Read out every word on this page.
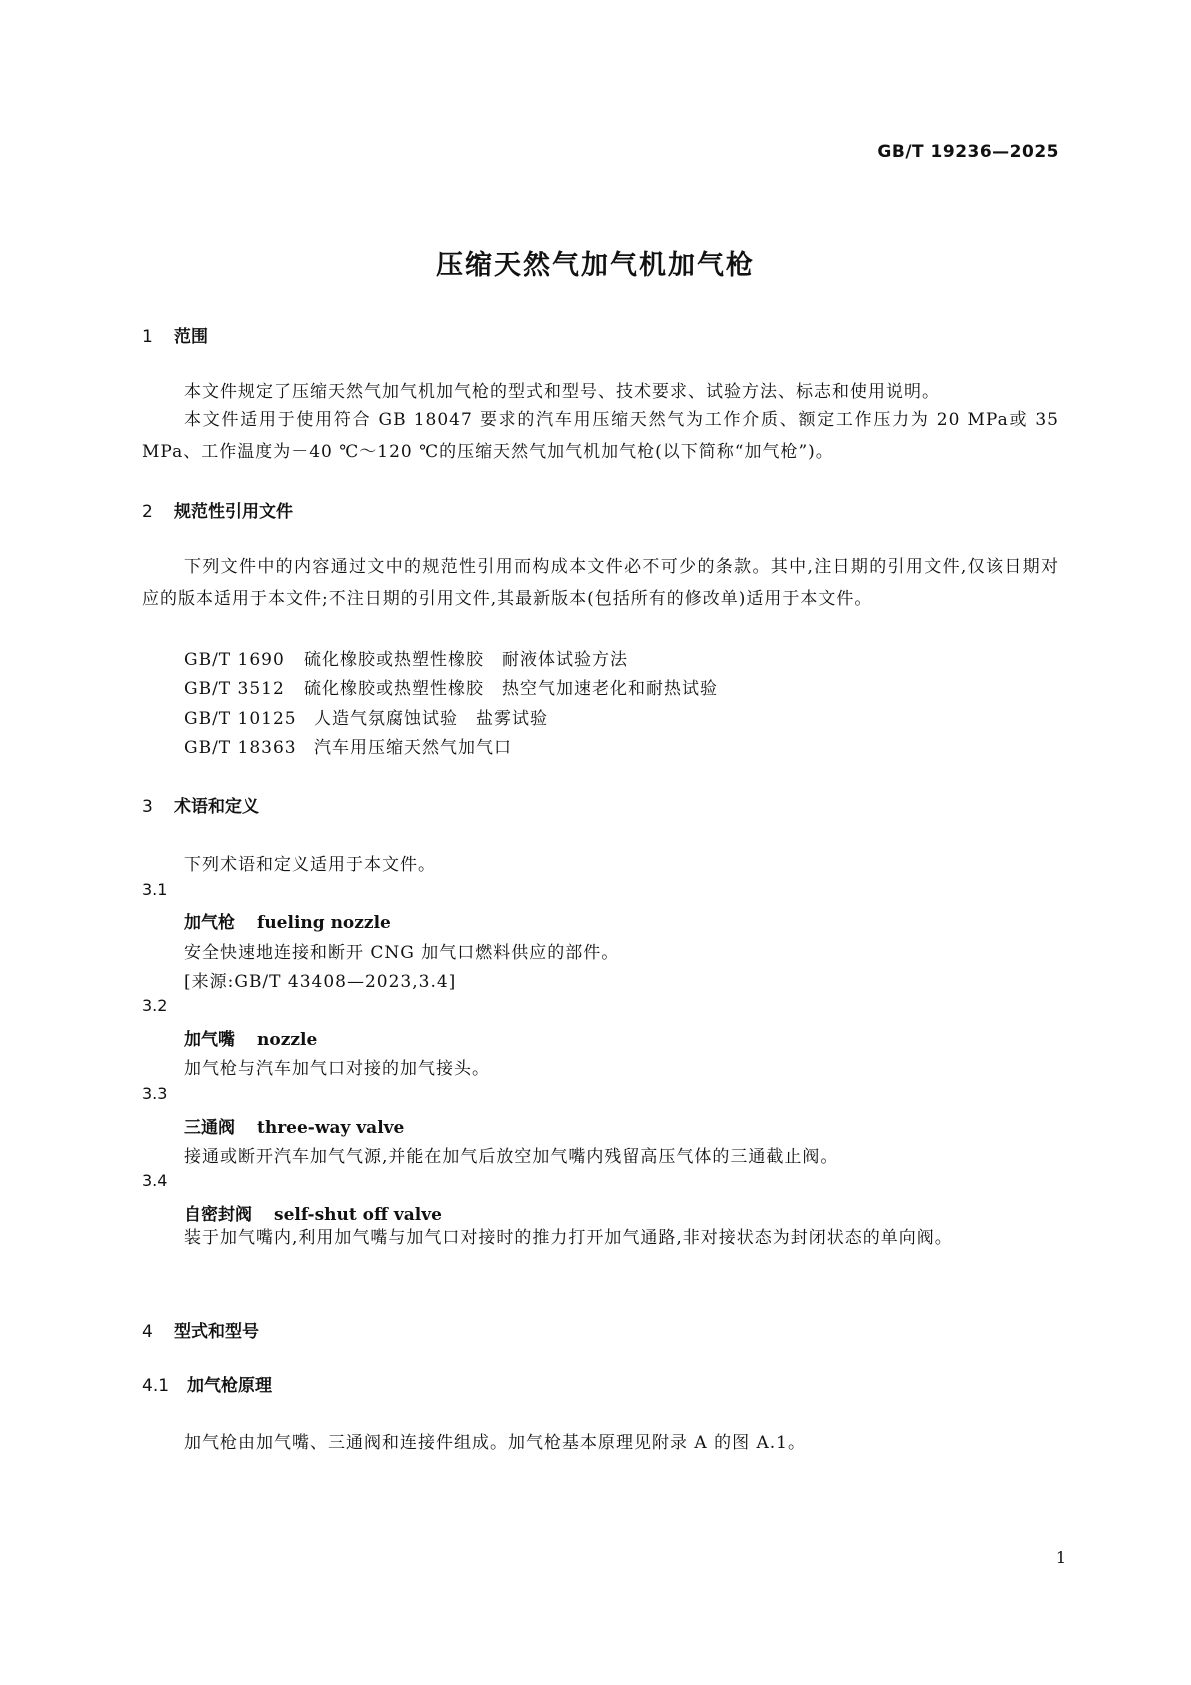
GB/T 19236—2025
压缩天然气加气机加气枪
1 范围
本文件规定了压缩天然气加气机加气枪的型式和型号、技术要求、试验方法、标志和使用说明。
本文件适用于使用符合 GB 18047 要求的汽车用压缩天然气为工作介质、额定工作压力为 20 MPa或 35 MPa、工作温度为－40 ℃～120 ℃的压缩天然气加气机加气枪(以下简称“加气枪”)。
2 规范性引用文件
下列文件中的内容通过文中的规范性引用而构成本文件必不可少的条款。其中,注日期的引用文件,仅该日期对应的版本适用于本文件;不注日期的引用文件,其最新版本(包括所有的修改单)适用于本文件。
GB/T 1690 硫化橡胶或热塑性橡胶　耐液体试验方法
GB/T 3512 硫化橡胶或热塑性橡胶　热空气加速老化和耐热试验
GB/T 10125 人造气氛腐蚀试验　盐雾试验
GB/T 18363 汽车用压缩天然气加气口
3 术语和定义
下列术语和定义适用于本文件。
3.1
加气枪 fueling nozzle
安全快速地连接和断开 CNG 加气口燃料供应的部件。
[来源:GB/T 43408—2023,3.4]
3.2
加气嘴 nozzle
加气枪与汽车加气口对接的加气接头。
3.3
三通阀 three-way valve
接通或断开汽车加气气源,并能在加气后放空加气嘴内残留高压气体的三通截止阀。
3.4
自密封阀 self-shut off valve
装于加气嘴内,利用加气嘴与加气口对接时的推力打开加气通路,非对接状态为封闭状态的单向阀。
4 型式和型号
4.1 加气枪原理
加气枪由加气嘴、三通阀和连接件组成。加气枪基本原理见附录 A 的图 A.1。
1
